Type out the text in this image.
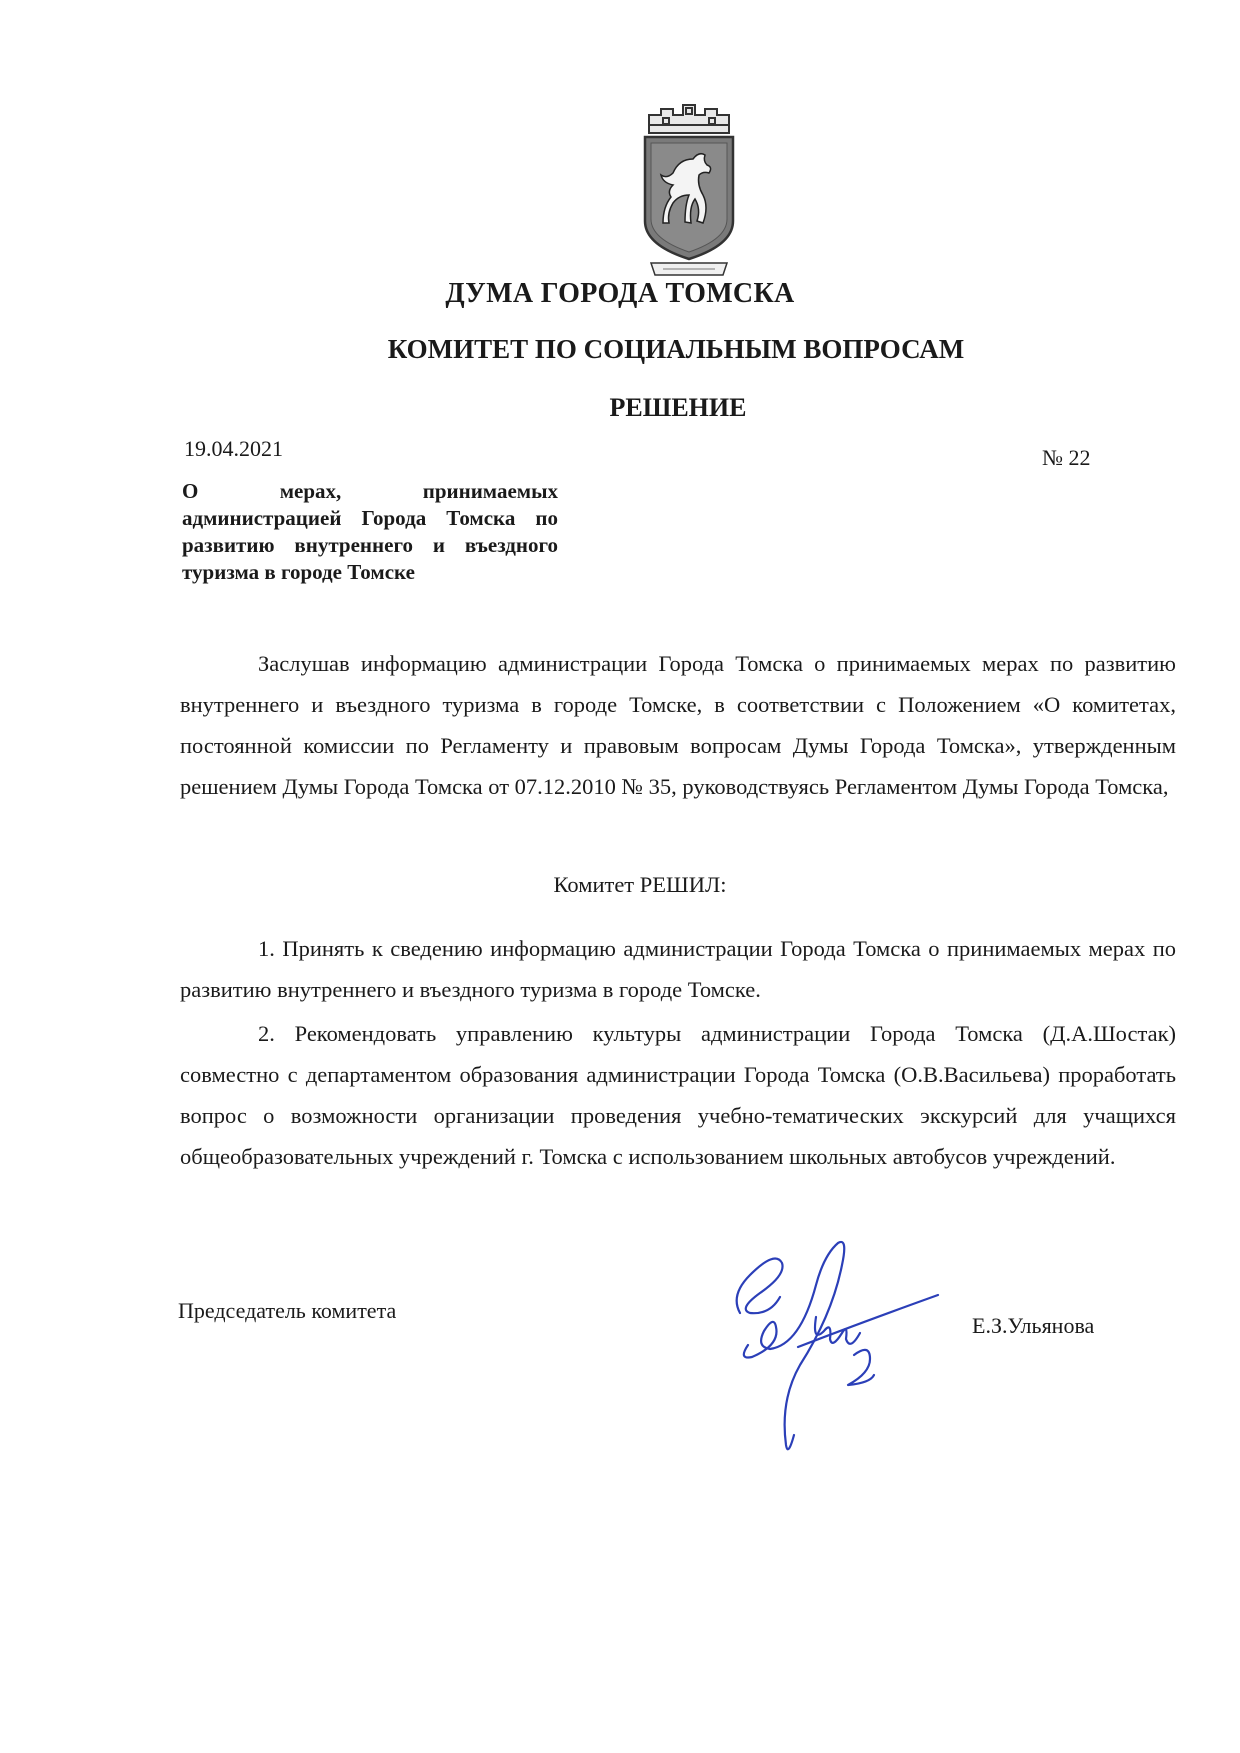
ДУМА ГОРОДА ТОМСКА
КОМИТЕТ ПО СОЦИАЛЬНЫМ ВОПРОСАМ
РЕШЕНИЕ
19.04.2021	№ 22
О мерах, принимаемых администрацией Города Томска по развитию внутреннего и въездного туризма в городе Томске
Заслушав информацию администрации Города Томска о принимаемых мерах по развитию внутреннего и въездного туризма в городе Томске, в соответствии с Положением «О комитетах, постоянной комиссии по Регламенту и правовым вопросам Думы Города Томска», утвержденным решением Думы Города Томска от 07.12.2010 № 35, руководствуясь Регламентом Думы Города Томска,
Комитет РЕШИЛ:
1. Принять к сведению информацию администрации Города Томска о принимаемых мерах по развитию внутреннего и въездного туризма в городе Томске.
2. Рекомендовать управлению культуры администрации Города Томска (Д.А.Шостак) совместно с департаментом образования администрации Города Томска (О.В.Васильева) проработать вопрос о возможности организации проведения учебно-тематических экскурсий для учащихся общеобразовательных учреждений г. Томска с использованием школьных автобусов учреждений.
Председатель комитета
Е.З.Ульянова
